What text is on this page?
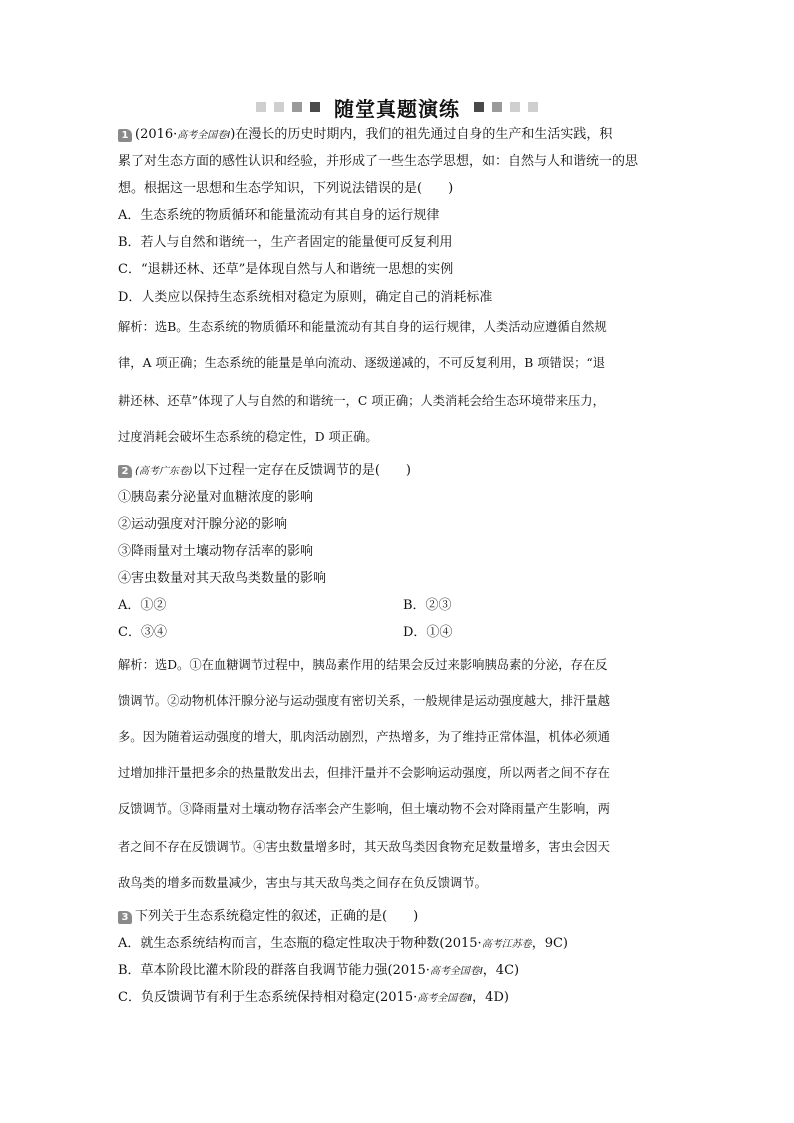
随堂真题演练
1 (2016·高考全国卷Ⅰ)在漫长的历史时期内，我们的祖先通过自身的生产和生活实践，积
累了对生态方面的感性认识和经验，并形成了一些生态学思想，如：自然与人和谐统一的思
想。根据这一思想和生态学知识，下列说法错误的是(　　)
A．生态系统的物质循环和能量流动有其自身的运行规律
B．若人与自然和谐统一，生产者固定的能量便可反复利用
C．“退耕还林、还草”是体现自然与人和谐统一思想的实例
D．人类应以保持生态系统相对稳定为原则，确定自己的消耗标准
解析：选B。生态系统的物质循环和能量流动有其自身的运行规律，人类活动应遵循自然规
律，A 项正确；生态系统的能量是单向流动、逐级递减的，不可反复利用，B 项错误；“退
耕还林、还草”体现了人与自然的和谐统一，C 项正确；人类消耗会给生态环境带来压力，
过度消耗会破坏生态系统的稳定性，D 项正确。
2 (高考广东卷)以下过程一定存在反馈调节的是(　　)
①胰岛素分泌量对血糖浓度的影响
②运动强度对汗腺分泌的影响
③降雨量对土壤动物存活率的影响
④害虫数量对其天敌鸟类数量的影响
A．①②	B．②③
C．③④	D．①④
解析：选D。①在血糖调节过程中，胰岛素作用的结果会反过来影响胰岛素的分泌，存在反
馈调节。②动物机体汗腺分泌与运动强度有密切关系，一般规律是运动强度越大，排汗量越
多。因为随着运动强度的增大，肌肉活动剧烈，产热增多，为了维持正常体温，机体必须通
过增加排汗量把多余的热量散发出去，但排汗量并不会影响运动强度，所以两者之间不存在
反馈调节。③降雨量对土壤动物存活率会产生影响，但土壤动物不会对降雨量产生影响，两
者之间不存在反馈调节。④害虫数量增多时，其天敌鸟类因食物充足数量增多，害虫会因天
敌鸟类的增多而数量减少，害虫与其天敌鸟类之间存在负反馈调节。
3 下列关于生态系统稳定性的叙述，正确的是(　　)
A．就生态系统结构而言，生态瓶的稳定性取决于物种数(2015·高考江苏卷，9C)
B．草本阶段比灌木阶段的群落自我调节能力强(2015·高考全国卷Ⅰ，4C)
C．负反馈调节有利于生态系统保持相对稳定(2015·高考全国卷Ⅱ，4D)
